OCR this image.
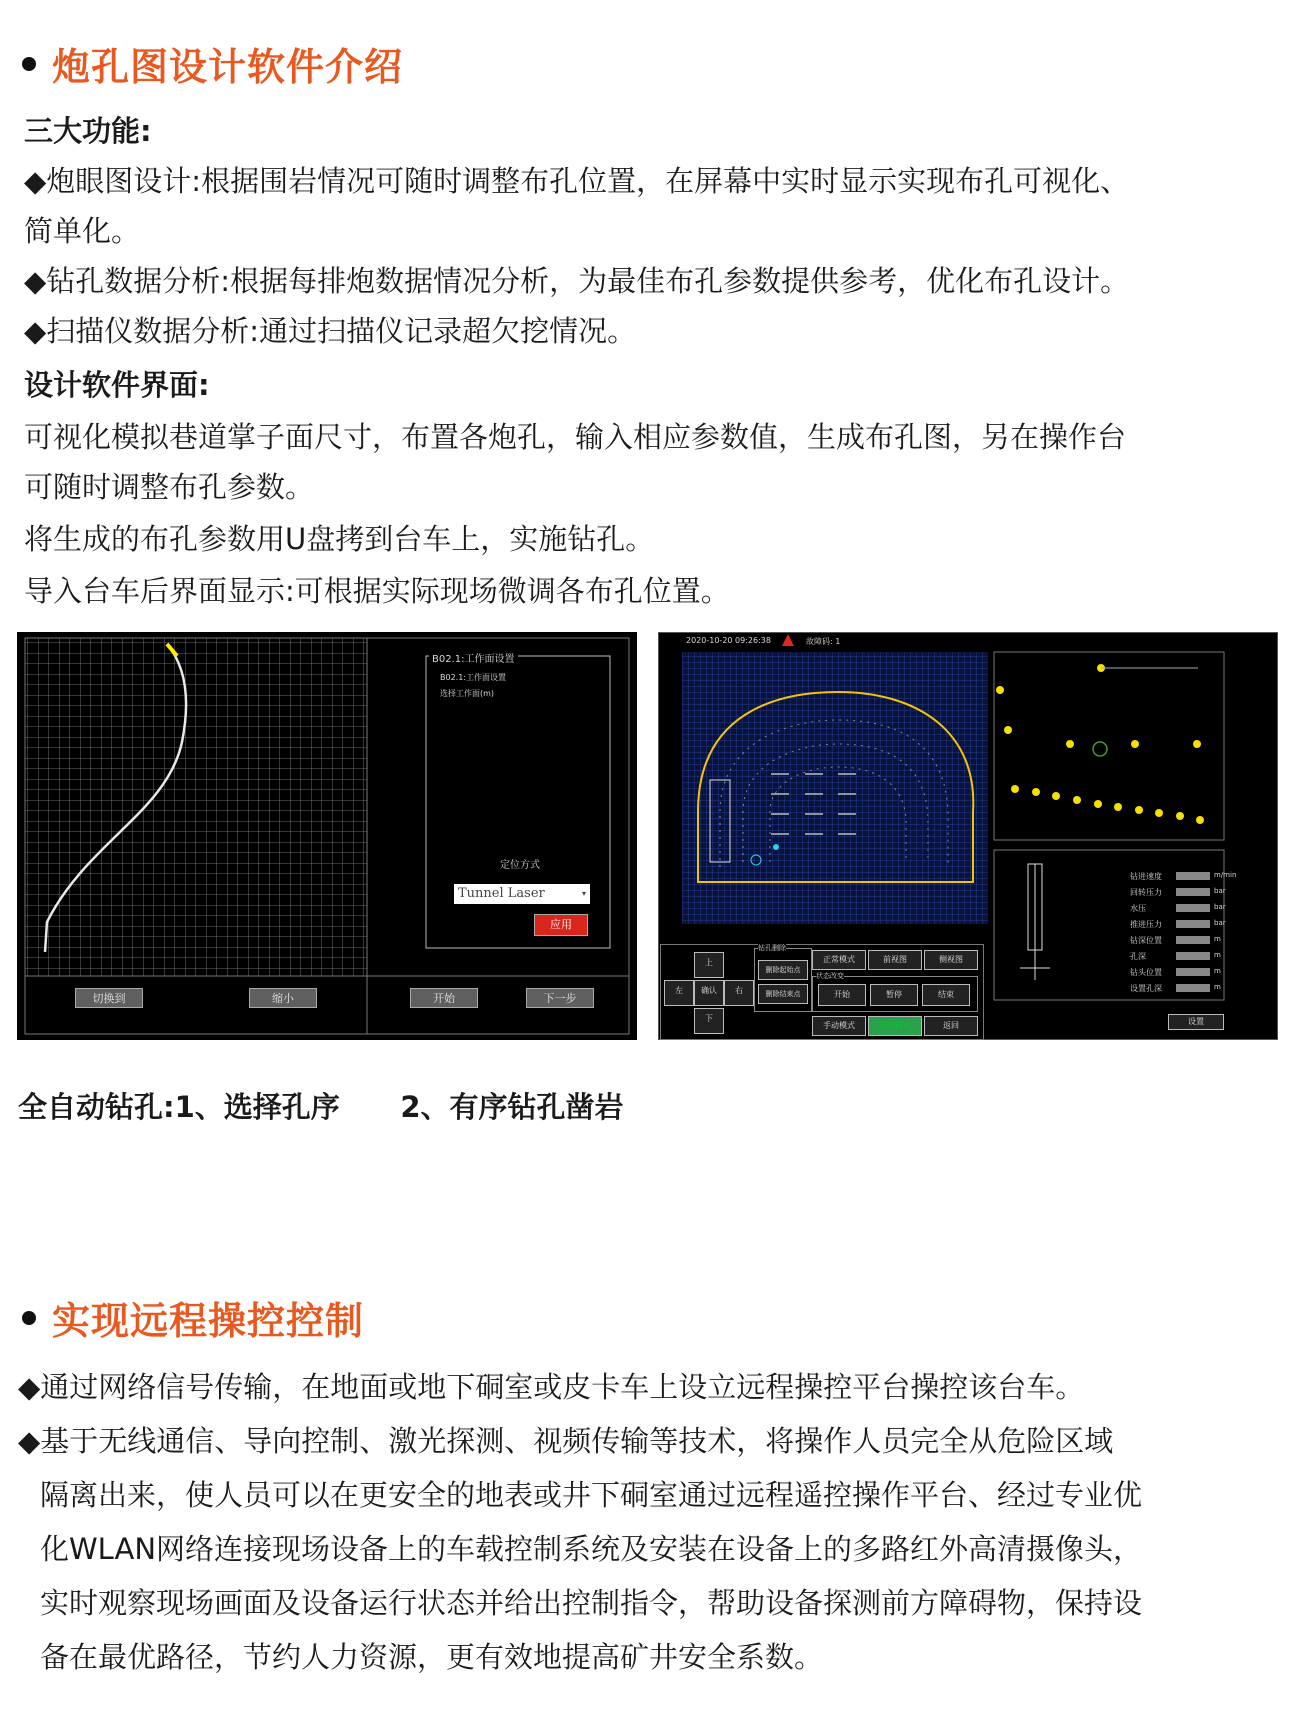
炮孔图设计软件介绍
三大功能:
◆炮眼图设计:根据围岩情况可随时调整布孔位置，在屏幕中实时显示实现布孔可视化、
简单化。
◆钻孔数据分析:根据每排炮数据情况分析，为最佳布孔参数提供参考，优化布孔设计。
◆扫描仪数据分析:通过扫描仪记录超欠挖情况。
设计软件界面:
可视化模拟巷道掌子面尺寸，布置各炮孔，输入相应参数值，生成布孔图，另在操作台
可随时调整布孔参数。
将生成的布孔参数用U盘拷到台车上，实施钻孔。
导入台车后界面显示:可根据实际现场微调各布孔位置。
B02.1:工作面设置
B02.1:工作面设置
选择工作面(m)
定位方式
Tunnel Laser	▾
应用
切换到	缩小	开始	下一步
2020-10-20 09:26:38	故障码: 1
钻进速度	m/min
回转压力	bar
水压	bar
推进压力	bar
钻深位置	m
孔深	m
钻头位置	m
设置孔深	m
设置
上
左	确认	右
下
钻孔删除
删除起始点
删除结束点
正常模式	前视图	侧视图
状态改变
开始	暂停	结束
手动模式	自动模式	返回
全自动钻孔:1、选择孔序      2、有序钻孔凿岩
实现远程操控控制
◆通过网络信号传输，在地面或地下硐室或皮卡车上设立远程操控平台操控该台车。
◆基于无线通信、导向控制、激光探测、视频传输等技术，将操作人员完全从危险区域
隔离出来，使人员可以在更安全的地表或井下硐室通过远程遥控操作平台、经过专业优
化WLAN网络连接现场设备上的车载控制系统及安装在设备上的多路红外高清摄像头，
实时观察现场画面及设备运行状态并给出控制指令，帮助设备探测前方障碍物，保持设
备在最优路径，节约人力资源，更有效地提高矿井安全系数。
